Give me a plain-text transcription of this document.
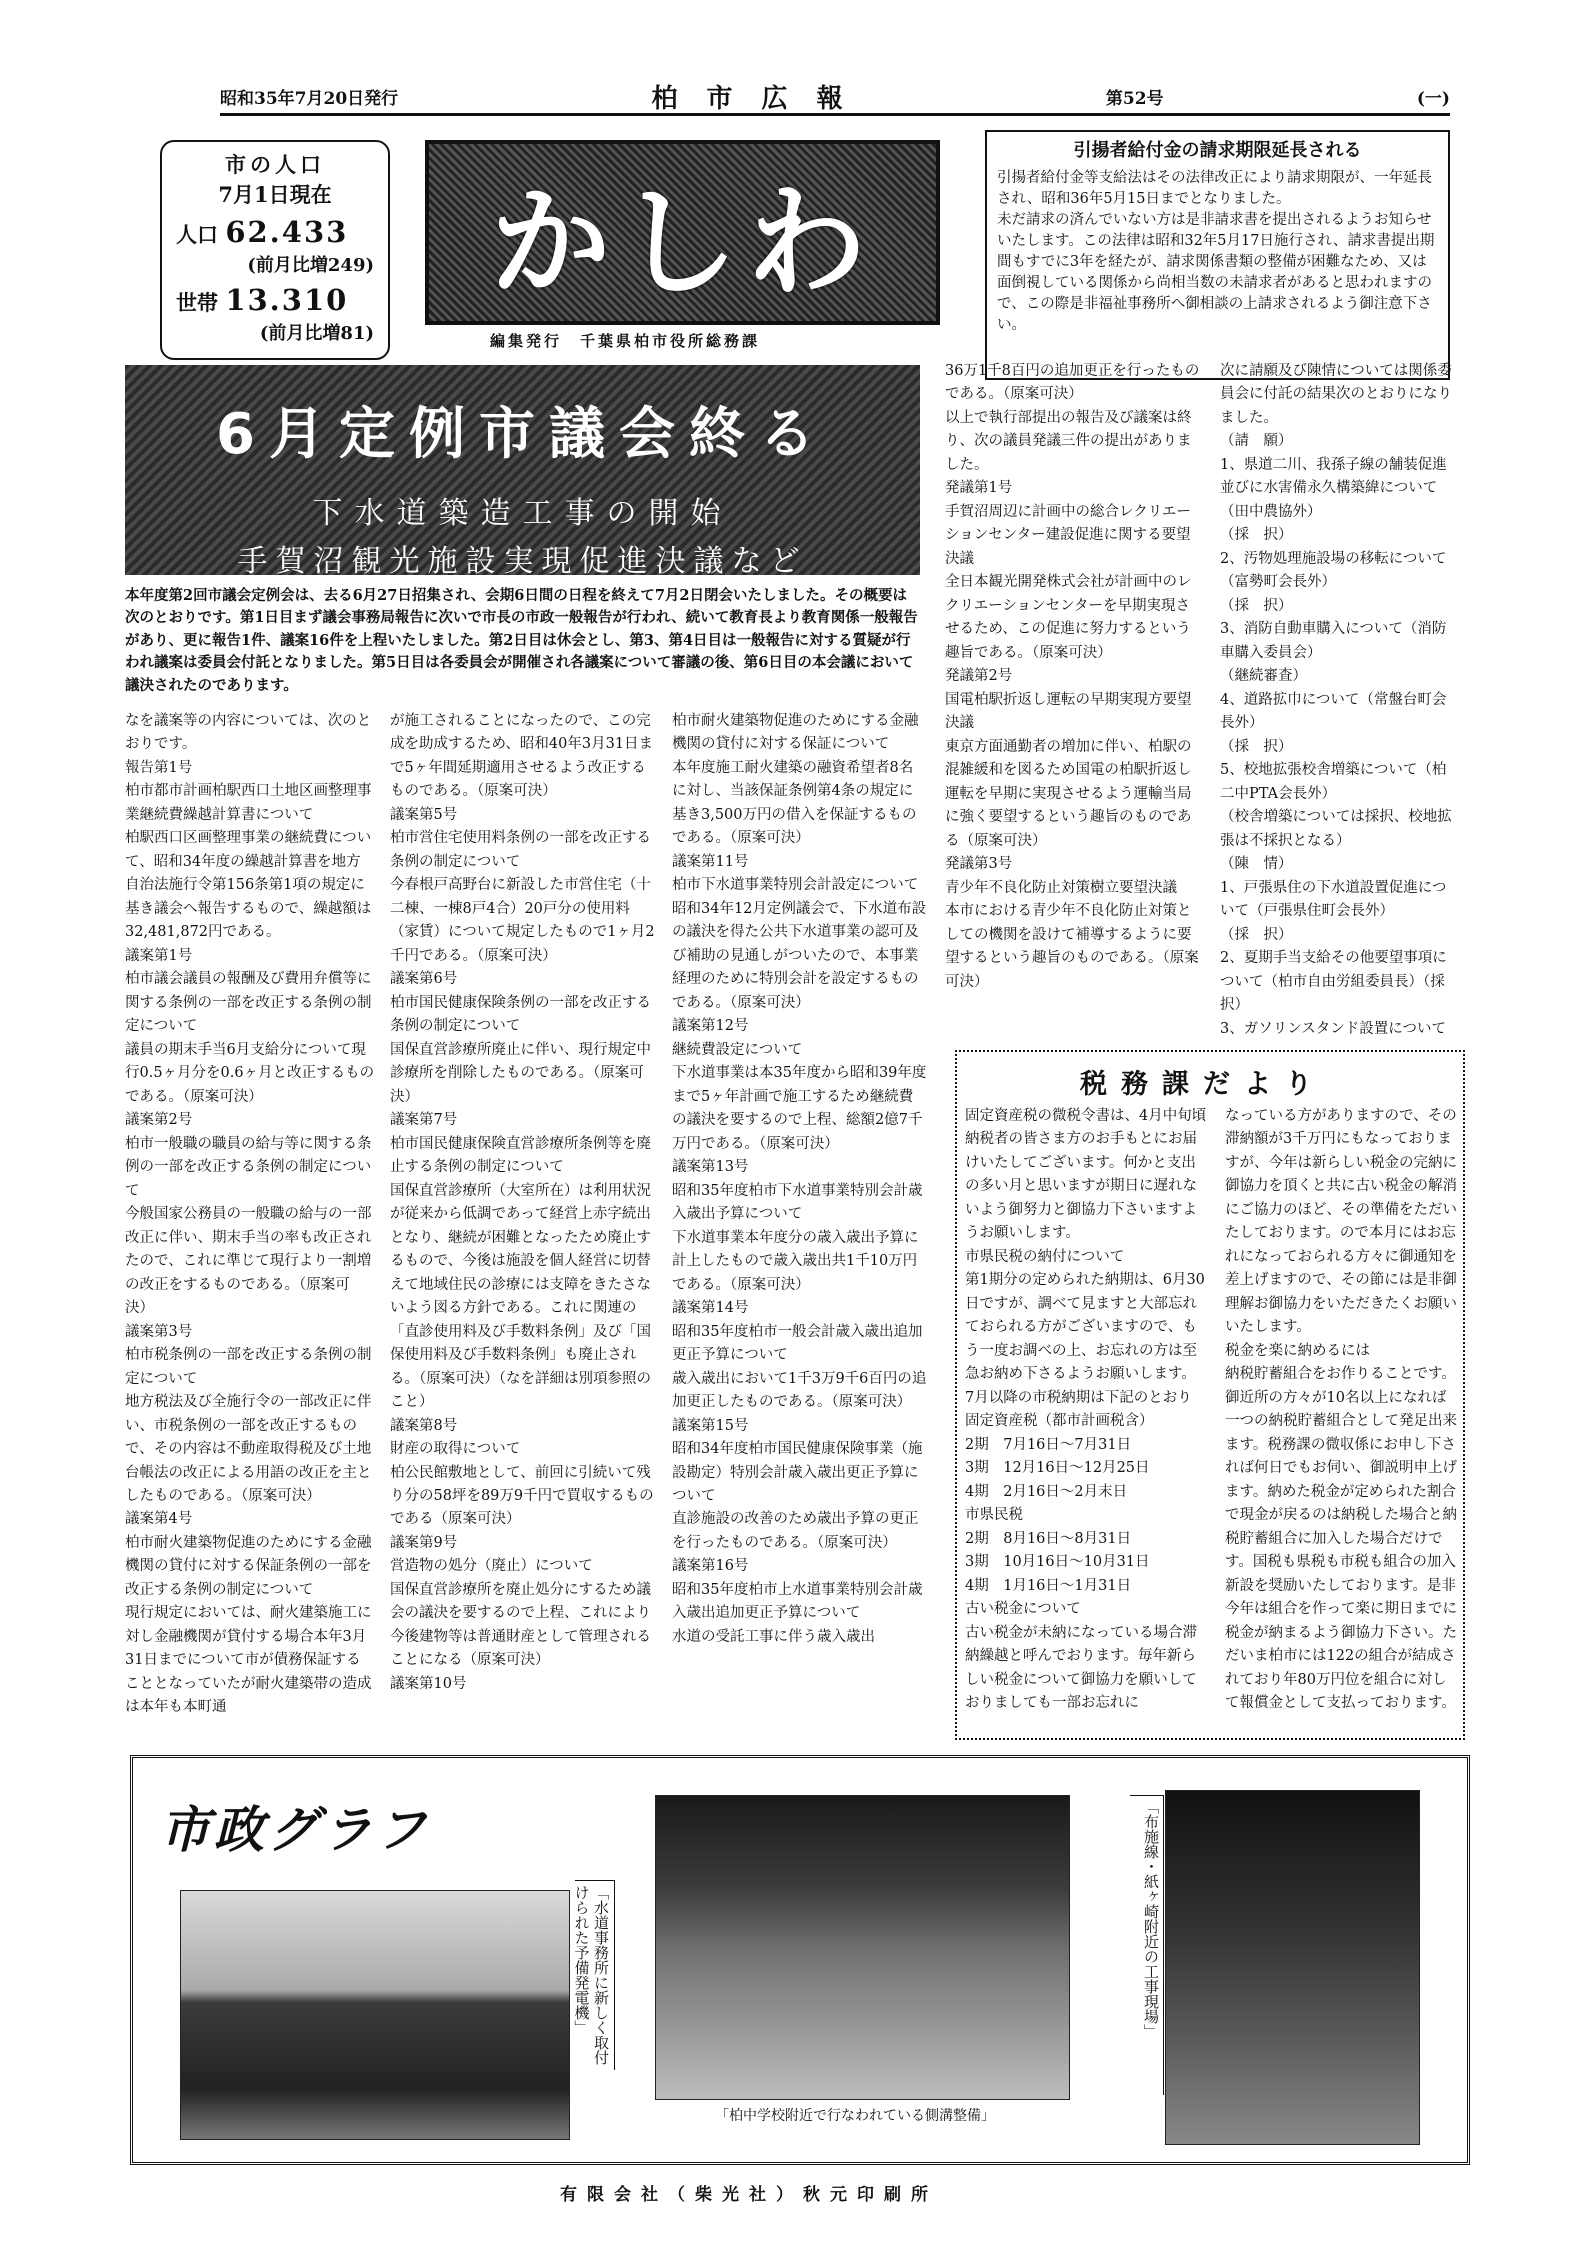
昭和35年7月20日発行	柏 市 広 報	第52号	(一)
市の人口
7月1日現在
人口 62.433
(前月比増249)
世帯 13.310
(前月比増81)
かしわ
編集発行　千葉県柏市役所総務課
引揚者給付金の請求期限延長される
引揚者給付金等支給法はその法律改正により請求期限が、一年延長され、昭和36年5月15日までとなりました。
未だ請求の済んでいない方は是非請求書を提出されるようお知らせいたします。この法律は昭和32年5月17日施行され、請求書提出期間もすでに3年を経たが、請求関係書類の整備が困難なため、又は面倒視している関係から尚相当数の未請求者があると思われますので、この際是非福祉事務所へ御相談の上請求されるよう御注意下さい。
6月定例市議会終る
下水道築造工事の開始
手賀沼観光施設実現促進決議など
本年度第2回市議会定例会は、去る6月27日招集され、会期6日間の日程を終えて7月2日閉会いたしました。その概要は次のとおりです。第1日目まず議会事務局報告に次いで市長の市政一般報告が行われ、続いて教育長より教育関係一般報告があり、更に報告1件、議案16件を上程いたしました。第2日目は休会とし、第3、第4日目は一般報告に対する質疑が行われ議案は委員会付託となりました。第5日目は各委員会が開催され各議案について審議の後、第6日目の本会議において議決されたのであります。
なを議案等の内容については、次のとおりです。
報告第1号
柏市都市計画柏駅西口土地区画整理事業継続費繰越計算書について
柏駅西口区画整理事業の継続費について、昭和34年度の繰越計算書を地方自治法施行令第156条第1項の規定に基き議会へ報告するもので、繰越額は32,481,872円である。
議案第1号
柏市議会議員の報酬及び費用弁償等に関する条例の一部を改正する条例の制定について
議員の期末手当6月支給分について現行0.5ヶ月分を0.6ヶ月と改正するものである。（原案可決）
議案第2号
柏市一般職の職員の給与等に関する条例の一部を改正する条例の制定について
今般国家公務員の一般職の給与の一部改正に伴い、期末手当の率も改正されたので、これに準じて現行より一割増の改正をするものである。（原案可決）
議案第3号
柏市税条例の一部を改正する条例の制定について
地方税法及び全施行令の一部改正に伴い、市税条例の一部を改正するもので、その内容は不動産取得税及び土地台帳法の改正による用語の改正を主としたものである。（原案可決）
議案第4号
柏市耐火建築物促進のためにする金融機関の貸付に対する保証条例の一部を改正する条例の制定について
現行規定においては、耐火建築施工に対し金融機関が貸付する場合本年3月31日までについて市が債務保証することとなっていたが耐火建築帯の造成は本年も本町通
が施工されることになったので、この完成を助成するため、昭和40年3月31日まで5ヶ年間延期適用させるよう改正するものである。（原案可決）
議案第5号
柏市営住宅使用料条例の一部を改正する条例の制定について
今春根戸高野台に新設した市営住宅（十二棟、一棟8戸4合）20戸分の使用料（家賃）について規定したもので1ヶ月2千円である。（原案可決）
議案第6号
柏市国民健康保険条例の一部を改正する条例の制定について
国保直営診療所廃止に伴い、現行規定中診療所を削除したものである。（原案可決）
議案第7号
柏市国民健康保険直営診療所条例等を廃止する条例の制定について
国保直営診療所（大室所在）は利用状況が従来から低調であって経営上赤字続出となり、継続が困難となったため廃止するもので、今後は施設を個人経営に切替えて地域住民の診療には支障をきたさないよう図る方針である。これに関連の「直診使用料及び手数料条例」及び「国保使用料及び手数料条例」も廃止される。（原案可決）（なを詳細は別項参照のこと）
議案第8号
財産の取得について
柏公民館敷地として、前回に引続いて残り分の58坪を89万9千円で買収するものである（原案可決）
議案第9号
営造物の処分（廃止）について
国保直営診療所を廃止処分にするため議会の議決を要するので上程、これにより今後建物等は普通財産として管理されることになる（原案可決）
議案第10号
柏市耐火建築物促進のためにする金融機関の貸付に対する保証について
本年度施工耐火建築の融資希望者8名に対し、当該保証条例第4条の規定に基き3,500万円の借入を保証するものである。（原案可決）
議案第11号
柏市下水道事業特別会計設定について
昭和34年12月定例議会で、下水道布設の議決を得た公共下水道事業の認可及び補助の見通しがついたので、本事業経理のために特別会計を設定するものである。（原案可決）
議案第12号
継続費設定について
下水道事業は本35年度から昭和39年度まで5ヶ年計画で施工するため継続費の議決を要するので上程、総額2億7千万円である。（原案可決）
議案第13号
昭和35年度柏市下水道事業特別会計歳入歳出予算について
下水道事業本年度分の歳入歳出予算に計上したもので歳入歳出共1千10万円である。（原案可決）
議案第14号
昭和35年度柏市一般会計歳入歳出追加更正予算について
歳入歳出において1千3万9千6百円の追加更正したものである。（原案可決）
議案第15号
昭和34年度柏市国民健康保険事業（施設勘定）特別会計歳入歳出更正予算について
直診施設の改善のため歳出予算の更正を行ったものである。（原案可決）
議案第16号
昭和35年度柏市上水道事業特別会計歳入歳出追加更正予算について
水道の受託工事に伴う歳入歳出
36万1千8百円の追加更正を行ったものである。（原案可決）
以上で執行部提出の報告及び議案は終り、次の議員発議三件の提出がありました。
発議第1号
手賀沼周辺に計画中の総合レクリエーションセンター建設促進に関する要望決議
全日本観光開発株式会社が計画中のレクリエーションセンターを早期実現させるため、この促進に努力するという趣旨である。（原案可決）
発議第2号
国電柏駅折返し運転の早期実現方要望決議
東京方面通勤者の増加に伴い、柏駅の混雑緩和を図るため国電の柏駅折返し運転を早期に実現させるよう運輸当局に強く要望するという趣旨のものである（原案可決）
発議第3号
青少年不良化防止対策樹立要望決議
本市における青少年不良化防止対策としての機関を設けて補導するように要望するという趣旨のものである。（原案可決）
次に請願及び陳情については関係委員会に付託の結果次のとおりになりました。
（請　願）
1、県道二川、我孫子線の舗装促進並びに水害備永久構築緯について（田中農協外）
（採　択）
2、汚物処理施設場の移転について（富勢町会長外）
（採　択）
3、消防自動車購入について（消防車購入委員会）
（継続審査）
4、道路拡巾について（常盤台町会長外）
（採　択）
5、校地拡張校舎増築について（柏二中PTA会長外）
（校舎増築については採択、校地拡張は不採択となる）
（陳　情）
1、戸張県住の下水道設置促進について（戸張県住町会長外）
（採　択）
2、夏期手当支給その他要望事項について（柏市自由労組委員長）（採　択）
3、ガソリンスタンド設置について

税務課だより
固定資産税の微税令書は、4月中旬頃納税者の皆さま方のお手もとにお届けいたしてございます。何かと支出の多い月と思いますが期日に遅れないよう御努力と御協力下さいますようお願いします。
市県民税の納付について
第1期分の定められた納期は、6月30日ですが、調べて見ますと大部忘れておられる方がございますので、もう一度お調べの上、お忘れの方は至急お納め下さるようお願いします。
7月以降の市税納期は下記のとおり
固定資産税（都市計画税含）
2期　7月16日～7月31日
3期　12月16日～12月25日
4期　2月16日～2月末日
市県民税
2期　8月16日～8月31日
3期　10月16日～10月31日
4期　1月16日～1月31日
古い税金について
古い税金が未納になっている場合滞納繰越と呼んでおります。毎年新らしい税金について御協力を願いしておりましても一部お忘れに
なっている方がありますので、その滞納額が3千万円にもなっておりますが、今年は新らしい税金の完納に御協力を頂くと共に古い税金の解消にご協力のほど、その準備をただいたしております。ので本月にはお忘れになっておられる方々に御通知を差上げますので、その節には是非御理解お御協力をいただきたくお願いいたします。
税金を楽に納めるには
納税貯蓄組合をお作りることです。御近所の方々が10名以上になれば一つの納税貯蓄組合として発足出来ます。税務課の微収係にお申し下されば何日でもお伺い、御説明申上げます。納めた税金が定められた割合で現金が戻るのは納税した場合と納税貯蓄組合に加入した場合だけです。国税も県税も市税も組合の加入新設を奨励いたしております。是非今年は組合を作って楽に期日までに税金が納まるよう御協力下さい。ただいま柏市には122の組合が結成されており年80万円位を組合に対して報償金として支払っております。
市政グラフ
「水道事務所に新しく取付けられた予備発電機」
「柏中学校附近で行なわれている側溝整備」
「布施線・紙ヶ崎附近の工事現場」
有限会社（柴光社）秋元印刷所
